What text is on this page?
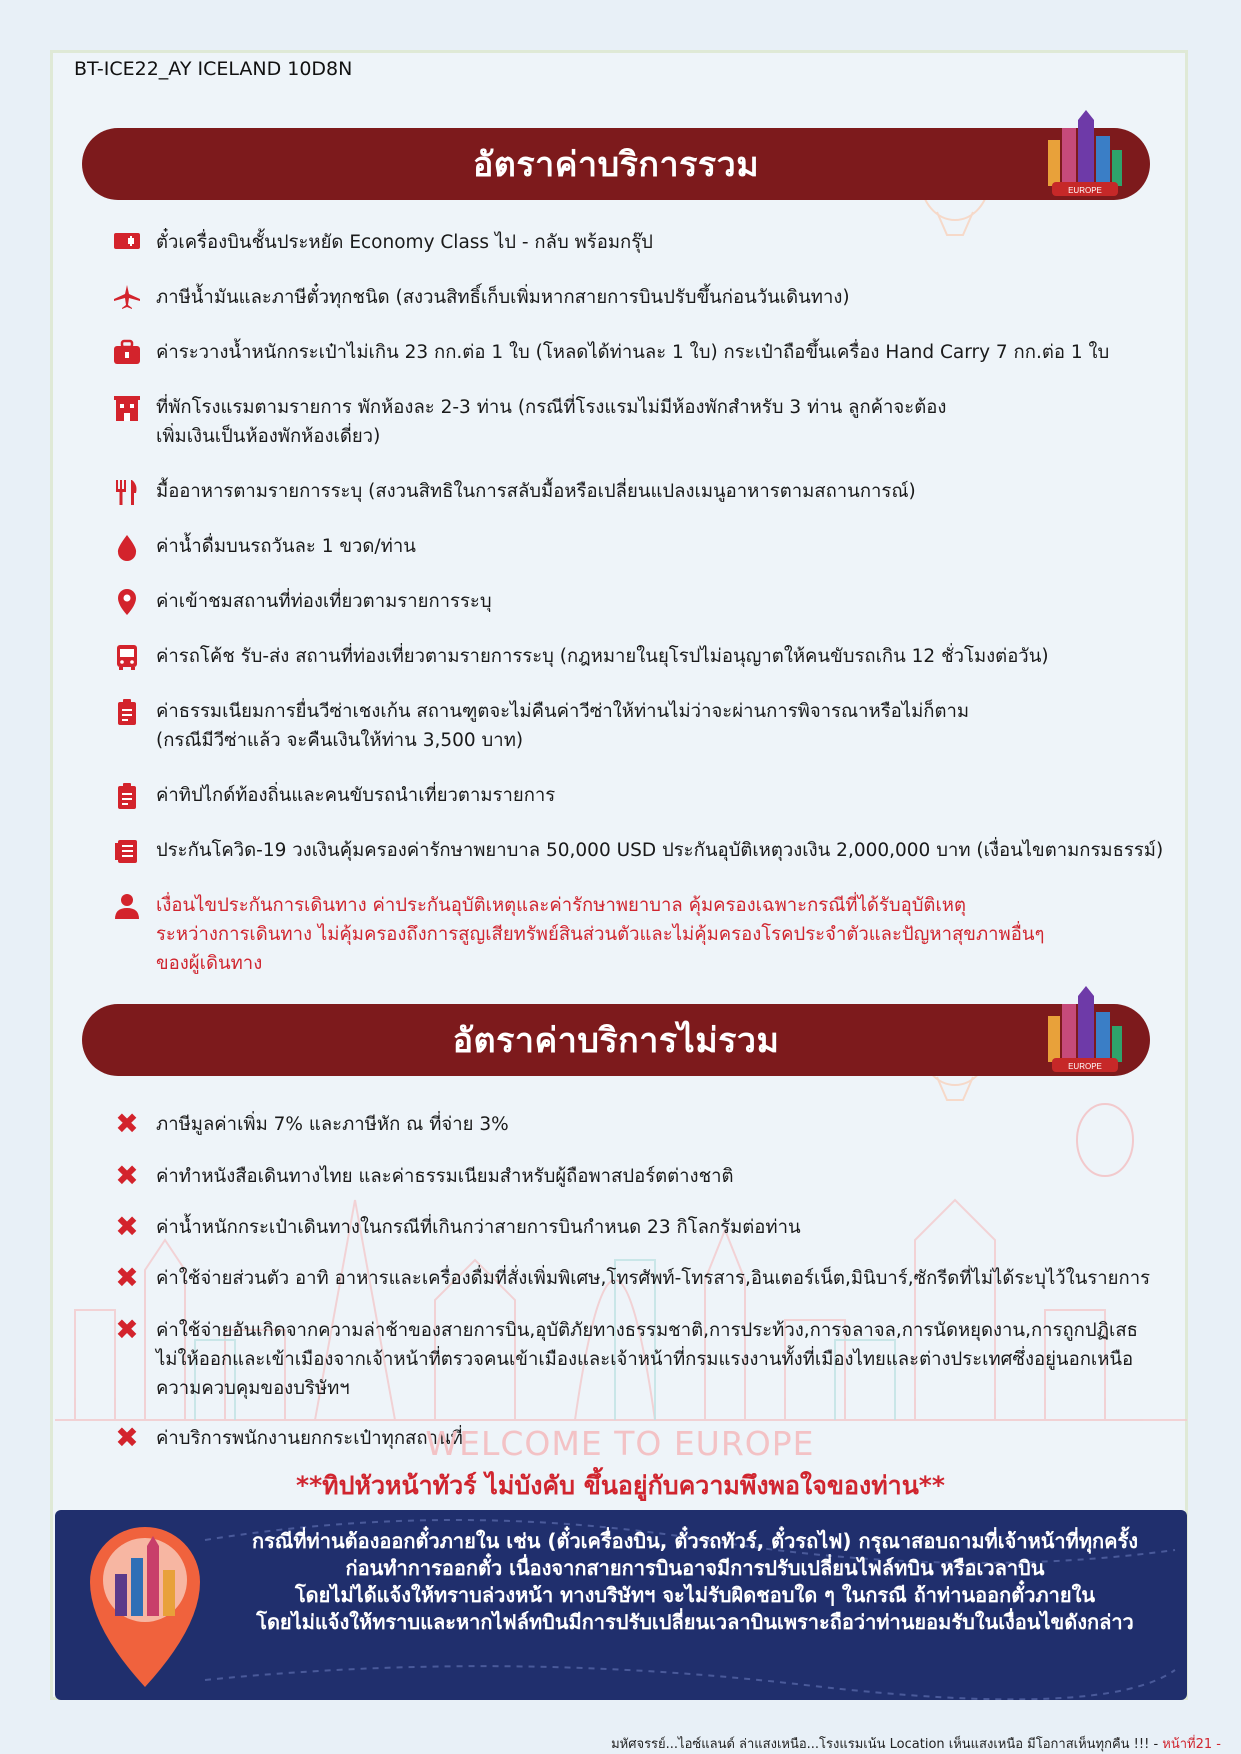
BT-ICE22_AY ICELAND 10D8N
อัตราค่าบริการรวม
EUROPE
ตั๋วเครื่องบินชั้นประหยัด Economy Class ไป - กลับ พร้อมกรุ๊ป
ภาษีน้ำมันและภาษีตั๋วทุกชนิด (สงวนสิทธิ์เก็บเพิ่มหากสายการบินปรับขึ้นก่อนวันเดินทาง)
ค่าระวางน้ำหนักกระเป๋าไม่เกิน 23 กก.ต่อ 1 ใบ (โหลดได้ท่านละ 1 ใบ) กระเป๋าถือขึ้นเครื่อง Hand Carry 7 กก.ต่อ 1 ใบ
ที่พักโรงแรมตามรายการ พักห้องละ 2-3 ท่าน (กรณีที่โรงแรมไม่มีห้องพักสำหรับ 3 ท่าน ลูกค้าจะต้อง
เพิ่มเงินเป็นห้องพักห้องเดี่ยว)
มื้ออาหารตามรายการระบุ (สงวนสิทธิในการสลับมื้อหรือเปลี่ยนแปลงเมนูอาหารตามสถานการณ์)
ค่าน้ำดื่มบนรถวันละ 1 ขวด/ท่าน
ค่าเข้าชมสถานที่ท่องเที่ยวตามรายการระบุ
ค่ารถโค้ช รับ-ส่ง สถานที่ท่องเที่ยวตามรายการระบุ (กฎหมายในยุโรปไม่อนุญาตให้คนขับรถเกิน 12 ชั่วโมงต่อวัน)
ค่าธรรมเนียมการยื่นวีซ่าเชงเก้น สถานฑูตจะไม่คืนค่าวีซ่าให้ท่านไม่ว่าจะผ่านการพิจารณาหรือไม่ก็ตาม
(กรณีมีวีซ่าแล้ว จะคืนเงินให้ท่าน 3,500 บาท)
ค่าทิปไกด์ท้องถิ่นและคนขับรถนำเที่ยวตามรายการ
ประกันโควิด-19 วงเงินคุ้มครองค่ารักษาพยาบาล 50,000 USD ประกันอุบัติเหตุวงเงิน 2,000,000 บาท (เงื่อนไขตามกรมธรรม์)
เงื่อนไขประกันการเดินทาง ค่าประกันอุบัติเหตุและค่ารักษาพยาบาล คุ้มครองเฉพาะกรณีที่ได้รับอุบัติเหตุ
ระหว่างการเดินทาง ไม่คุ้มครองถึงการสูญเสียทรัพย์สินส่วนตัวและไม่คุ้มครองโรคประจำตัวและปัญหาสุขภาพอื่นๆ
ของผู้เดินทาง
อัตราค่าบริการไม่รวม
EUROPE
✖ ภาษีมูลค่าเพิ่ม 7% และภาษีหัก ณ ที่จ่าย 3%
✖ ค่าทำหนังสือเดินทางไทย และค่าธรรมเนียมสำหรับผู้ถือพาสปอร์ตต่างชาติ
✖ ค่าน้ำหนักกระเป๋าเดินทางในกรณีที่เกินกว่าสายการบินกำหนด 23 กิโลกรัมต่อท่าน
✖ ค่าใช้จ่ายส่วนตัว อาทิ อาหารและเครื่องดื่มที่สั่งเพิ่มพิเศษ,โทรศัพท์-โทรสาร,อินเตอร์เน็ต,มินิบาร์,ซักรีดที่ไม่ได้ระบุไว้ในรายการ
✖ ค่าใช้จ่ายอันเกิดจากความล่าช้าของสายการบิน,อุบัติภัยทางธรรมชาติ,การประท้วง,การจลาจล,การนัดหยุดงาน,การถูกปฏิเสธ
ไม่ให้ออกและเข้าเมืองจากเจ้าหน้าที่ตรวจคนเข้าเมืองและเจ้าหน้าที่กรมแรงงานทั้งที่เมืองไทยและต่างประเทศซึ่งอยู่นอกเหนือ
ความควบคุมของบริษัทฯ
✖ ค่าบริการพนักงานยกกระเป๋าทุกสถานที่
WELCOME TO EUROPE
**ทิปหัวหน้าทัวร์ ไม่บังคับ ขึ้นอยู่กับความพึงพอใจของท่าน**
กรณีที่ท่านต้องออกตั๋วภายใน เช่น (ตั๋วเครื่องบิน, ตั๋วรถทัวร์, ตั๋วรถไฟ) กรุณาสอบถามที่เจ้าหน้าที่ทุกครั้ง
ก่อนทำการออกตั๋ว เนื่องจากสายการบินอาจมีการปรับเปลี่ยนไฟล์ทบิน หรือเวลาบิน
โดยไม่ได้แจ้งให้ทราบล่วงหน้า ทางบริษัทฯ จะไม่รับผิดชอบใด ๆ ในกรณี ถ้าท่านออกตั๋วภายใน
โดยไม่แจ้งให้ทราบและหากไฟล์ทบินมีการปรับเปลี่ยนเวลาบินเพราะถือว่าท่านยอมรับในเงื่อนไขดังกล่าว
มหัศจรรย์...ไอซ์แลนด์ ล่าแสงเหนือ...โรงแรมเน้น Location เห็นแสงเหนือ มีโอกาสเห็นทุกคืน !!! - หน้าที่21 -
